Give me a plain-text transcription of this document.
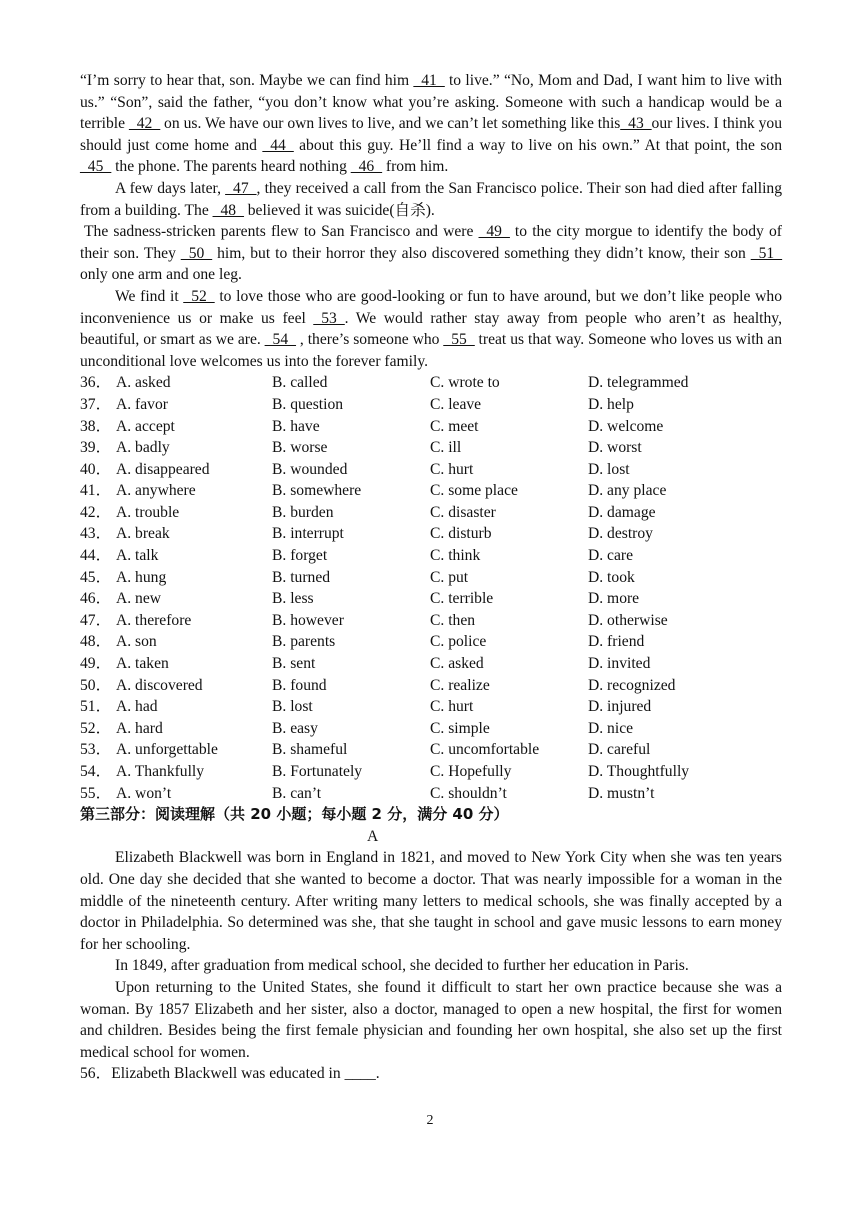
“I’m sorry to hear that, son. Maybe we can find him _41_ to live.” “No, Mom and Dad, I want him to live with us.” “Son”, said the father, “you don’t know what you’re asking. Someone with such a handicap would be a terrible _42_ on us. We have our own lives to live, and we can’t let something like this_43_our lives. I think you should just come home and _44_ about this guy. He’ll find a way to live on his own.” At that point, the son _45_ the phone. The parents heard nothing _46_ from him.

A few days later, _47_, they received a call from the San Francisco police. Their son had died after falling from a building. The _48_ believed it was suicide(自杀).

The sadness-stricken parents flew to San Francisco and were _49_ to the city morgue to identify the body of their son. They _50_ him, but to their horror they also discovered something they didn’t know, their son _51_ only one arm and one leg.

We find it _52_ to love those who are good-looking or fun to have around, but we don’t like people who inconvenience us or make us feel _53_. We would rather stay away from people who aren’t as healthy, beautiful, or smart as we are. _54_ , there’s someone who _55_ treat us that way. Someone who loves us with an unconditional love welcomes us into the forever family.

36．	A. asked	B. called	C. wrote to	D. telegrammed
37．	A. favor	B. question	C. leave	D. help
38．	A. accept	B. have	C. meet	D. welcome
39．	A. badly	B. worse	C. ill	D. worst
40．	A. disappeared	B. wounded	C. hurt	D. lost
41．	A. anywhere	B. somewhere	C. some place	D. any place
42．	A. trouble	B. burden	C. disaster	D. damage
43．	A. break	B. interrupt	C. disturb	D. destroy
44．	A. talk	B. forget	C. think	D. care
45．	A. hung	B. turned	C. put	D. took
46．	A. new	B. less	C. terrible	D. more
47．	A. therefore	B. however	C. then	D. otherwise
48．	A. son	B. parents	C. police	D. friend
49．	A. taken	B. sent	C. asked	D. invited
50．	A. discovered	B. found	C. realize	D. recognized
51．	A. had	B. lost	C. hurt	D. injured
52．	A. hard	B. easy	C. simple	D. nice
53．	A. unforgettable	B. shameful	C. uncomfortable	D. careful
54．	A. Thankfully	B. Fortunately	C. Hopefully	D. Thoughtfully
55．	A. won’t	B. can’t	C. shouldn’t	D. mustn’t

第三部分：阅读理解（共 20 小题；每小题 2 分，满分 40 分）

A

Elizabeth Blackwell was born in England in 1821, and moved to New York City when she was ten years old. One day she decided that she wanted to become a doctor. That was nearly impossible for a woman in the middle of the nineteenth century. After writing many letters to medical schools, she was finally accepted by a doctor in Philadelphia. So determined was she, that she taught in school and gave music lessons to earn money for her schooling.

In 1849, after graduation from medical school, she decided to further her education in Paris.

Upon returning to the United States, she found it difficult to start her own practice because she was a woman. By 1857 Elizabeth and her sister, also a doctor, managed to open a new hospital, the first for women and children. Besides being the first female physician and founding her own hospital, she also set up the first medical school for women.

56．Elizabeth Blackwell was educated in ____.

2
